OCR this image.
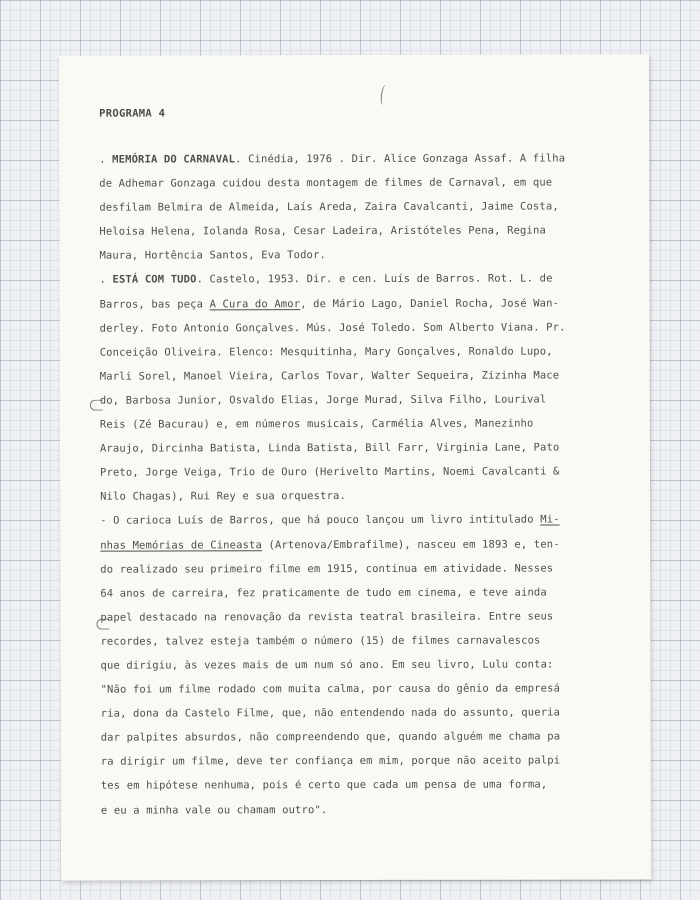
PROGRAMA 4
. MEMÓRIA DO CARNAVAL. Cinédia, 1976 . Dir. Alice Gonzaga Assaf. A filha
de Adhemar Gonzaga cuidou desta montagem de filmes de Carnaval, em que
desfilam Belmira de Almeida, Laís Areda, Zaira Cavalcanti, Jaime Costa,
Heloisa Helena, Iolanda Rosa, Cesar Ladeira, Aristóteles Pena, Regina
Maura, Hortência Santos, Eva Todor.
. ESTÁ COM TUDO. Castelo, 1953. Dir. e cen. Luís de Barros. Rot. L. de
Barros, bas peça A Cura do Amor, de Mário Lago, Daniel Rocha, José Wan-
derley. Foto Antonio Gonçalves. Mús. José Toledo. Som Alberto Viana. Pr.
Conceição Oliveira. Elenco: Mesquitinha, Mary Gonçalves, Ronaldo Lupo,
Marli Sorel, Manoel Vieira, Carlos Tovar, Walter Sequeira, Zizinha Mace
do, Barbosa Junior, Osvaldo Elias, Jorge Murad, Silva Filho, Lourival
Reis (Zé Bacurau) e, em números musicais, Carmélia Alves, Manezinho
Araujo, Dircinha Batista, Linda Batista, Bill Farr, Virginia Lane, Pato
Preto, Jorge Veiga, Trio de Ouro (Herivelto Martins, Noemi Cavalcanti &
Nilo Chagas), Rui Rey e sua orquestra.
- O carioca Luís de Barros, que há pouco lançou um livro intitulado Mi-
nhas Memórias de Cineasta (Artenova/Embrafilme), nasceu em 1893 e, ten-
do realizado seu primeiro filme em 1915, continua em atividade. Nesses
64 anos de carreira, fez praticamente de tudo em cinema, e teve ainda
papel destacado na renovação da revista teatral brasileira. Entre seus
recordes, talvez esteja também o número (15) de filmes carnavalescos
que dirigiu, às vezes mais de um num só ano. Em seu livro, Lulu conta:
"Não foi um filme rodado com muita calma, por causa do gênio da empresá
ria, dona da Castelo Filme, que, não entendendo nada do assunto, queria
dar palpites absurdos, não compreendendo que, quando alguém me chama pa
ra dirigir um filme, deve ter confiança em mim, porque não aceito palpi
tes em hipótese nenhuma, pois é certo que cada um pensa de uma forma,
e eu a minha vale ou chamam outro".
